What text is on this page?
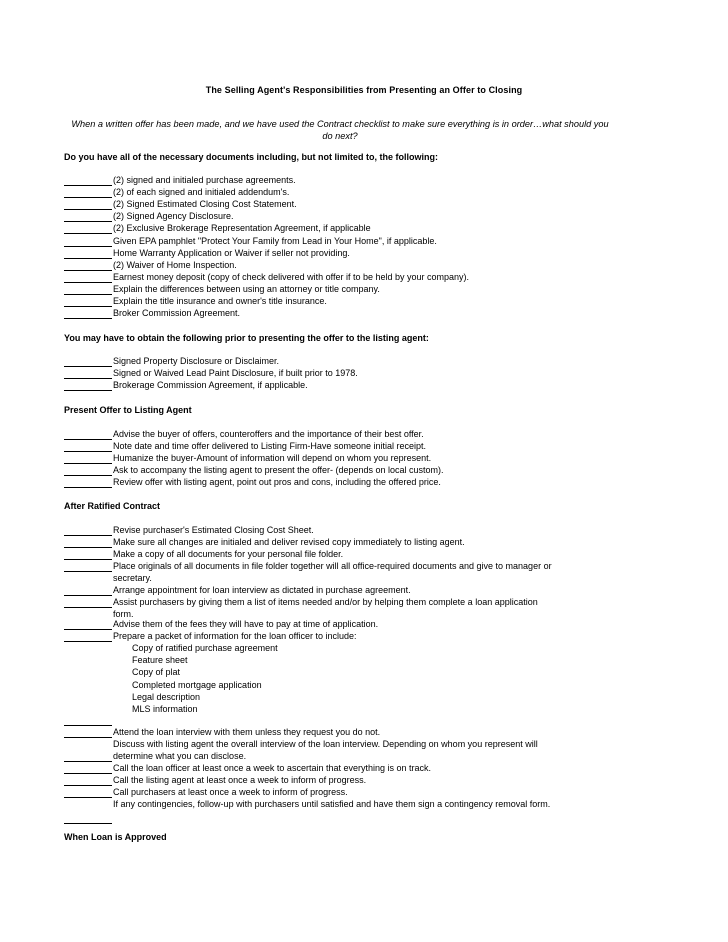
The Selling Agent's Responsibilities from Presenting an Offer to Closing
When a written offer has been made, and we have used the Contract checklist to make sure everything is in order…what should you do next?
Do you have all of the necessary documents including, but not limited to, the following:
(2) signed and initialed purchase agreements.
(2) of each signed and initialed addendum's.
(2) Signed Estimated Closing Cost Statement.
(2) Signed Agency Disclosure.
(2) Exclusive Brokerage Representation Agreement, if applicable
Given EPA pamphlet "Protect Your Family from Lead in Your Home", if applicable.
Home Warranty Application or Waiver if seller not providing.
(2) Waiver of Home Inspection.
Earnest money deposit (copy of check delivered with offer if to be held by your company).
Explain the differences between using an attorney or title company.
Explain the title insurance and owner's title insurance.
Broker Commission Agreement.
You may have to obtain the following prior to presenting the offer to the listing agent:
Signed Property Disclosure or Disclaimer.
Signed or Waived Lead Paint Disclosure, if built prior to 1978.
Brokerage Commission Agreement, if applicable.
Present Offer to Listing Agent
Advise the buyer of offers, counteroffers and the importance of their best offer.
Note date and time offer delivered to Listing Firm-Have someone initial receipt.
Humanize the buyer-Amount of information will depend on whom you represent.
Ask to accompany the listing agent to present the offer- (depends on local custom).
Review offer with listing agent, point out pros and cons, including the offered price.
After Ratified Contract
Revise purchaser's Estimated Closing Cost Sheet.
Make sure all changes are initialed and deliver revised copy immediately to listing agent.
Make a copy of all documents for your personal file folder.
Place originals of all documents in file folder together will all office-required documents and give to manager or secretary.
Arrange appointment for loan interview as dictated in purchase agreement.
Assist purchasers by giving them a list of items needed and/or by helping them complete a loan application form.
Advise them of the fees they will have to pay at time of application.
Prepare a packet of information for the loan officer to include:
Copy of ratified purchase agreement
Feature sheet
Copy of plat
Completed mortgage application
Legal description
MLS information
Attend the loan interview with them unless they request you do not.
Discuss with listing agent the overall interview of the loan interview. Depending on whom you represent will determine what you can disclose.
Call the loan officer at least once a week to ascertain that everything is on track.
Call the listing agent at least once a week to inform of progress.
Call purchasers at least once a week to inform of progress.
If any contingencies, follow-up with purchasers until satisfied and have them sign a contingency removal form.
When Loan is Approved
